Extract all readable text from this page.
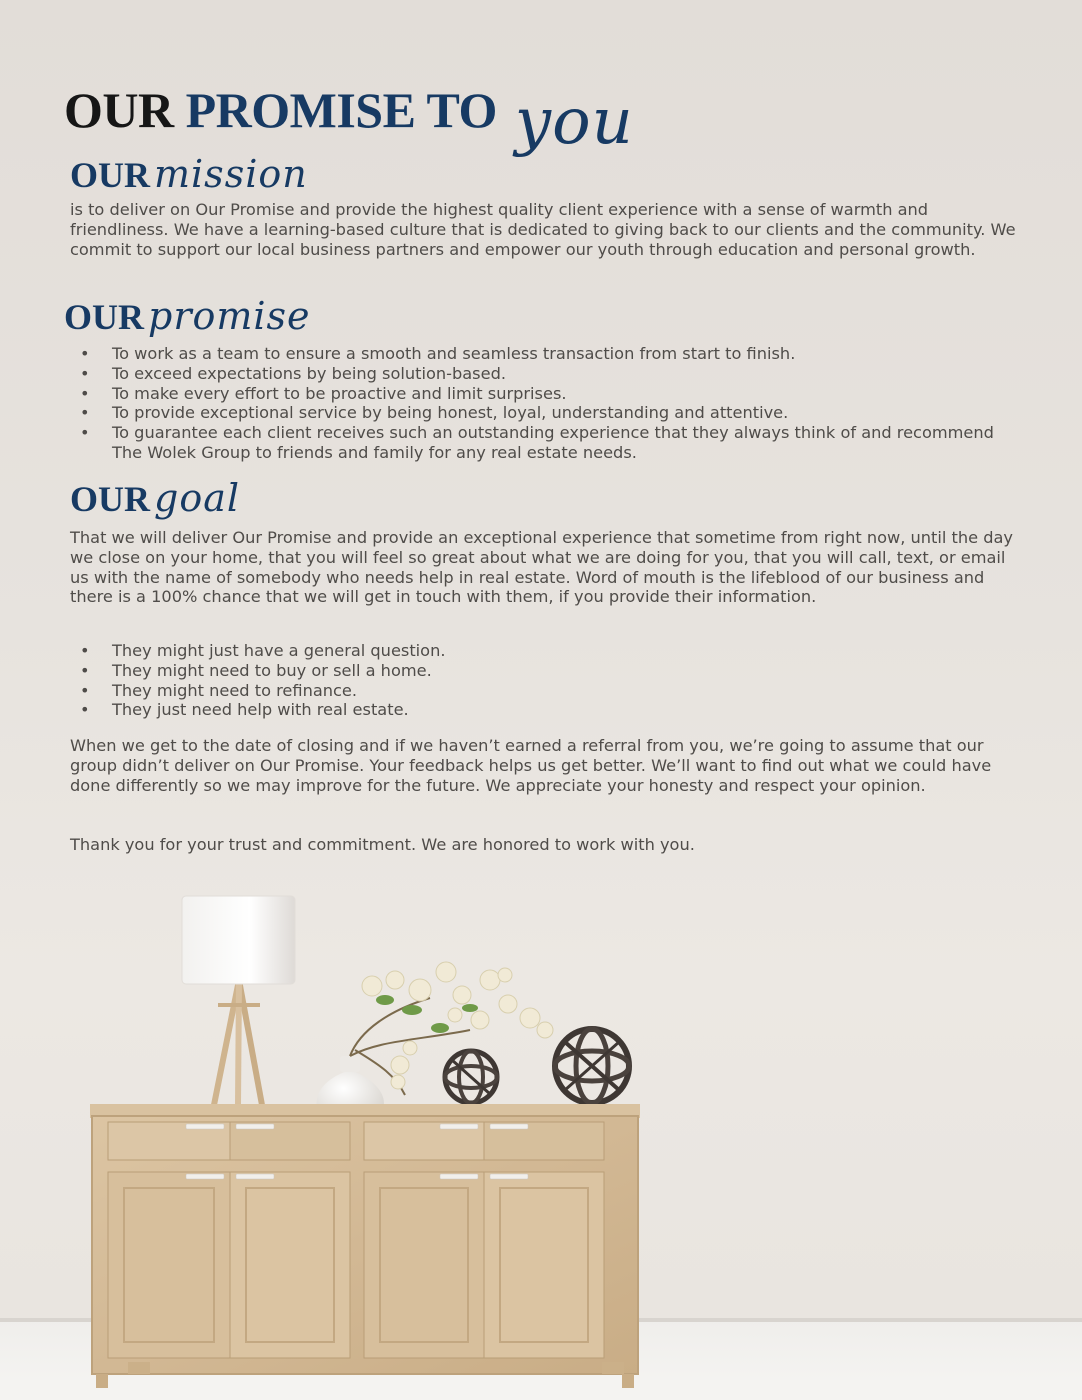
OUR PROMISE TO you
OUR mission

is to deliver on Our Promise and provide the highest quality client experience with a sense of warmth and friendliness. We have a learning-based culture that is dedicated to giving back to our clients and the community. We commit to support our local business partners and empower our youth through education and personal growth.

OUR promise
• To work as a team to ensure a smooth and seamless transaction from start to finish.
• To exceed expectations by being solution-based.
• To make every effort to be proactive and limit surprises.
• To provide exceptional service by being honest, loyal, understanding and attentive.
• To guarantee each client receives such an outstanding experience that they always think of and recommend The Wolek Group to friends and family for any real estate needs.
OUR goal

That we will deliver Our Promise and provide an exceptional experience that sometime from right now, until the day we close on your home, that you will feel so great about what we are doing for you, that you will call, text, or email us with the name of somebody who needs help in real estate. Word of mouth is the lifeblood of our business and there is a 100% chance that we will get in touch with them, if you provide their information.

• They might just have a general question.
• They might need to buy or sell a home.
• They might need to refinance.
• They just need help with real estate.

When we get to the date of closing and if we haven’t earned a referral from you, we’re going to assume that our group didn’t deliver on Our Promise. Your feedback helps us get better. We’ll want to find out what we could have done differently so we may improve for the future. We appreciate your honesty and respect your opinion.

Thank you for your trust and commitment. We are honored to work with you.
